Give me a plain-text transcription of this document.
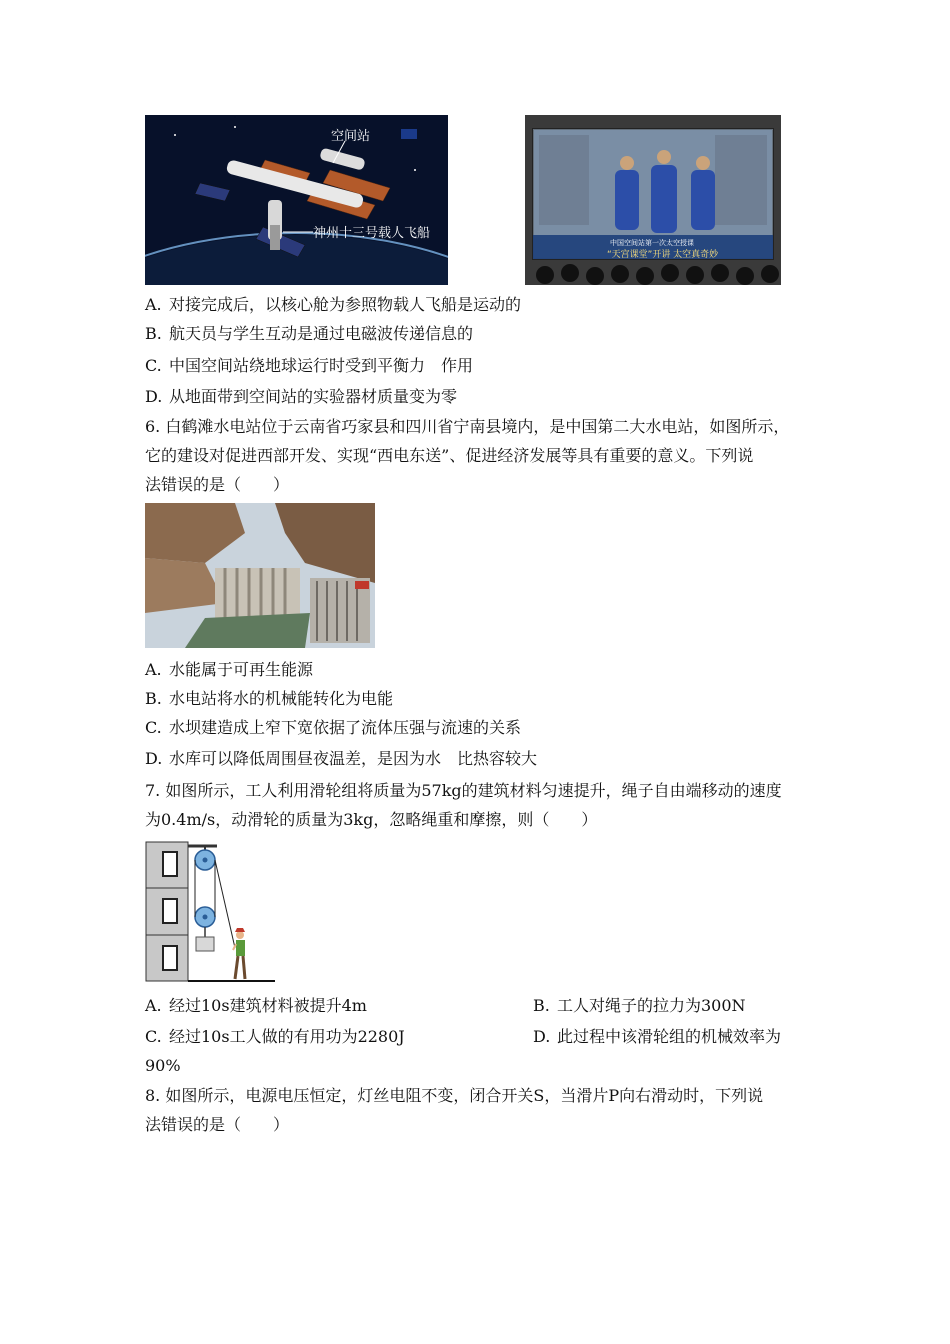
空间站
神州十三号载人飞船
中国空间站第一次太空授课
“天宫课堂”开讲 太空真奇妙
A. 对接完成后，以核心舱为参照物载人飞船是运动的
B. 航天员与学生互动是通过电磁波传递信息的
C. 中国空间站绕地球运行时受到平衡力　作用
D. 从地面带到空间站的实验器材质量变为零
6. 白鹤滩水电站位于云南省巧家县和四川省宁南县境内，是中国第二大水电站，如图所示，
它的建设对促进西部开发、实现“西电东送”、促进经济发展等具有重要的意义。下列说
法错误的是（　　）
A. 水能属于可再生能源
B. 水电站将水的机械能转化为电能
C. 水坝建造成上窄下宽依据了流体压强与流速的关系
D. 水库可以降低周围昼夜温差，是因为水　比热容较大
7. 如图所示，工人利用滑轮组将质量为57kg的建筑材料匀速提升，绳子自由端移动的速度
为0.4m/s，动滑轮的质量为3kg，忽略绳重和摩擦，则（　　）
A. 经过10s建筑材料被提升4m	B. 工人对绳子的拉力为300N
C. 经过10s工人做的有用功为2280J	D. 此过程中该滑轮组的机械效率为
90%
8. 如图所示，电源电压恒定，灯丝电阻不变，闭合开关S，当滑片P向右滑动时，下列说
法错误的是（　　）
